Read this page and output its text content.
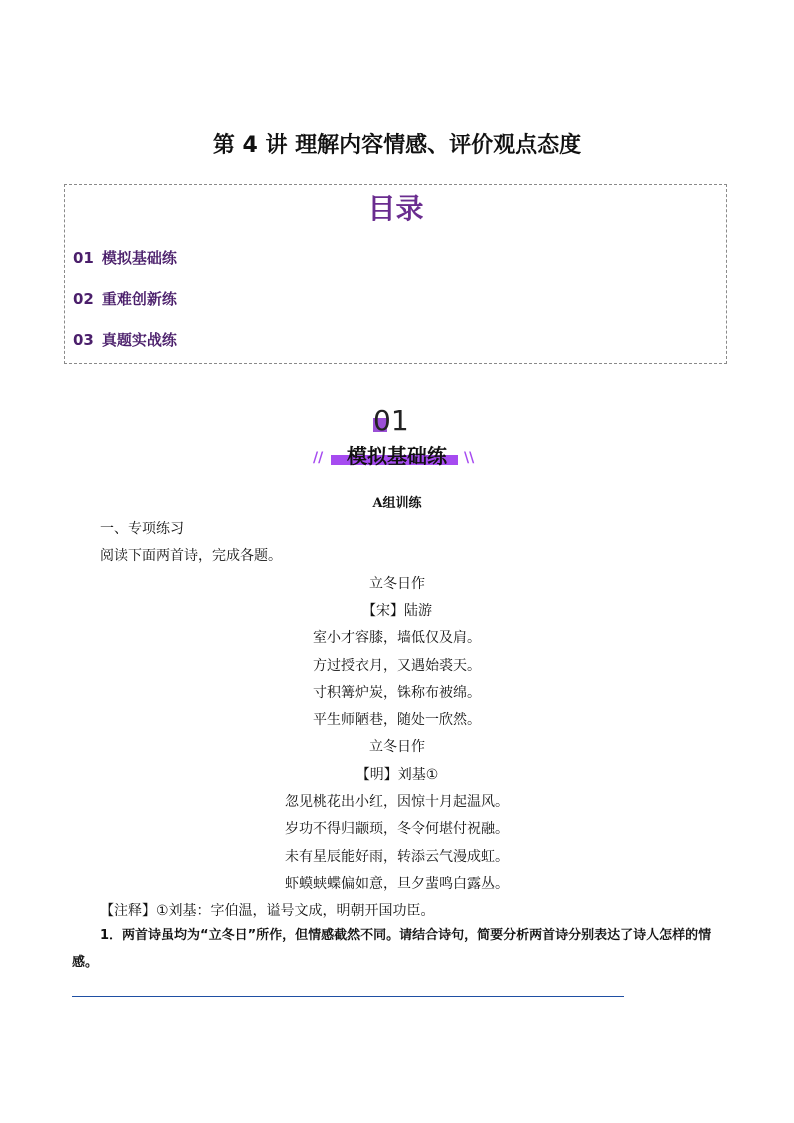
第 4 讲 理解内容情感、评价观点态度
目录
01 模拟基础练
02 重难创新练
03 真题实战练
01
//	\\
模拟基础练
A组训练
一、专项练习
阅读下面两首诗，完成各题。
立冬日作
【宋】陆游
室小才容膝，墙低仅及肩。
方过授衣月，又遇始裘天。
寸积篝炉炭，铢称布被绵。
平生师陋巷，随处一欣然。
立冬日作
【明】刘基①
忽见桃花出小红，因惊十月起温风。
岁功不得归颛顼，冬令何堪付祝融。
未有星辰能好雨，转添云气漫成虹。
虾蟆蛱蝶偏如意，旦夕蜚鸣白露丛。
【注释】①刘基：字伯温，谥号文成，明朝开国功臣。
1．两首诗虽均为“立冬日”所作，但情感截然不同。请结合诗句，简要分析两首诗分别表达了诗人怎样的情感。
